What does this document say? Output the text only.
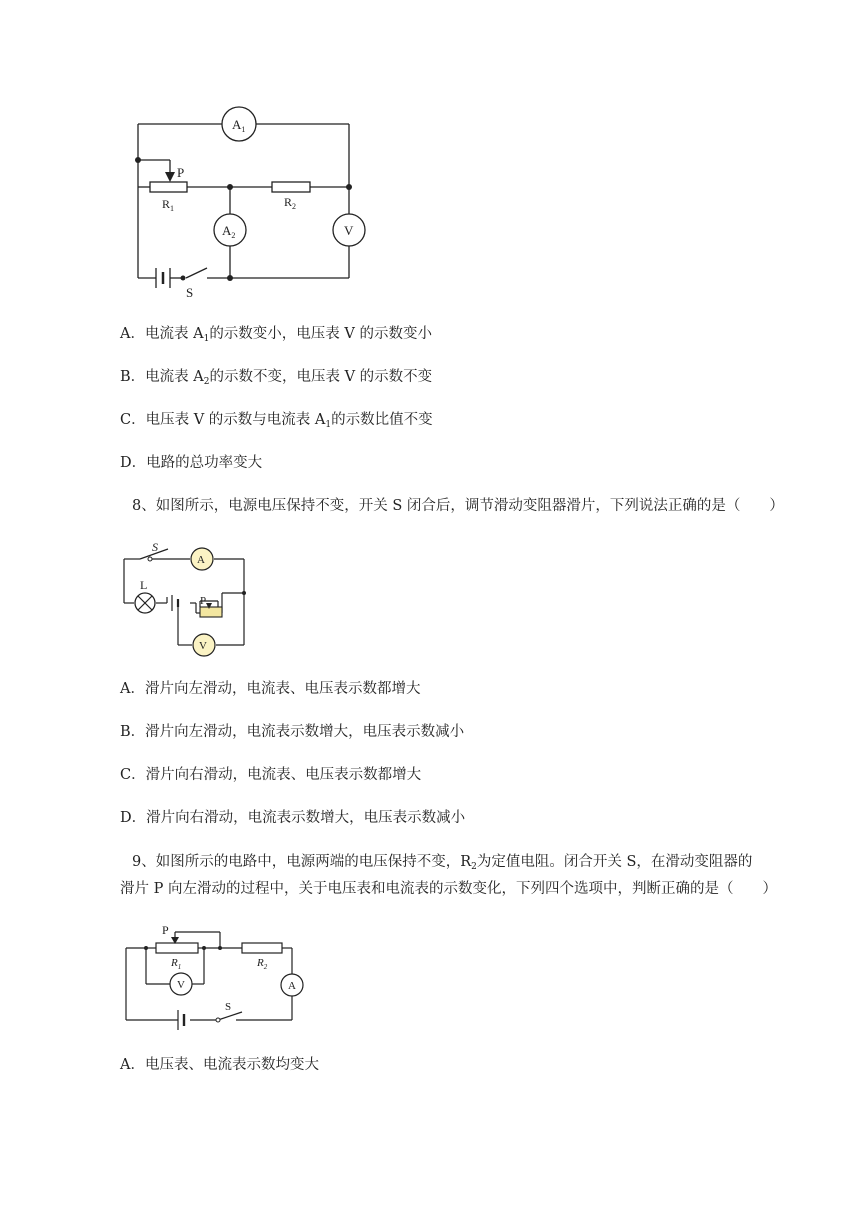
$A_1$
$A_2$	V
P
$R_1$	$R_2$
S
A．电流表 $A_1$的示数变小，电压表 V 的示数变小
B．电流表 $A_2$的示数不变，电压表 V 的示数不变
C．电压表 V 的示数与电流表 $A_1$的示数比值不变
D．电路的总功率变大
8、如图所示，电源电压保持不变，开关 S 闭合后，调节滑动变阻器滑片，下列说法正确的是（　　）
S
A
L
P
V
A．滑片向左滑动，电流表、电压表示数都增大
B．滑片向左滑动，电流表示数增大，电压表示数减小
C．滑片向右滑动，电流表、电压表示数都增大
D．滑片向右滑动，电流表示数增大，电压表示数减小
9、如图所示的电路中，电源两端的电压保持不变，$R_2$为定值电阻。闭合开关 S，在滑动变阻器的
滑片 P 向左滑动的过程中，关于电压表和电流表的示数变化，下列四个选项中，判断正确的是（　　）
P
$R_1$	$R_2$
V	A
S
A．电压表、电流表示数均变大
